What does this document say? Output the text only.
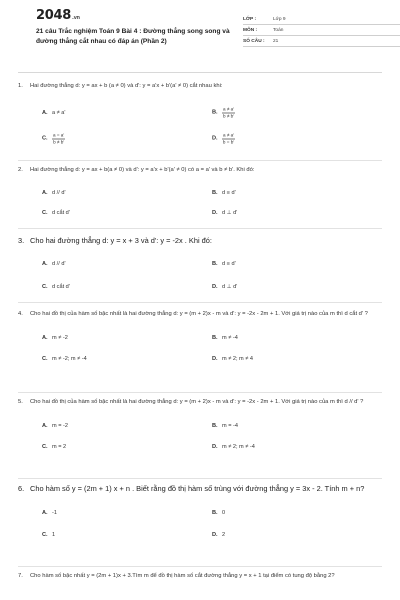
2048.vn
21 câu Trắc nghiệm Toán 9 Bài 4 : Đường thẳng song song và đường thẳng cắt nhau có đáp án (Phần 2)
LỚP :	Lớp 9
MÔN :	Toán
SỐ CÂU :	21
1.	Hai đường thẳng d: y = ax + b (a ≠ 0) và d': y = a'x + b'(a' ≠ 0) cắt nhau khi:
A. a ≠ a'	B. $\frac{a \ne a'}{b \ne b'}$
C. $\frac{a = a'}{b \ne b'}$	D. $\frac{a \ne a'}{b = b'}$
2.	Hai đường thẳng d: y = ax + b(a ≠ 0) và d': y = a'x + b'(a' ≠ 0) có a = a' và b ≠ b'. Khi đó:
A. d // d'	B. d ≡ d'
C. d cắt d'	D. d ⊥ d'
3. Cho hai đường thẳng d: y = x + 3 và d': y = -2x . Khi đó:
A. d // d'	B. d ≡ d'
C. d cắt d'	D. d ⊥ d'
4.	Cho hai đồ thị của hàm số bậc nhất là hai đường thẳng d: y = (m + 2)x - m và d': y = -2x - 2m + 1. Với giá trị nào của m thì d cắt d' ?
A. m ≠ -2	B. m ≠ -4
C. m ≠ -2; m ≠ -4	D. m ≠ 2; m ≠ 4
5.	Cho hai đồ thị của hàm số bậc nhất là hai đường thẳng d: y = (m + 2)x - m và d': y = -2x - 2m + 1. Với giá trị nào của m thì d // d' ?
A. m = -2	B. m = -4
C. m = 2	D. m ≠ 2; m ≠ -4
6. Cho hàm số y = (2m + 1) x + n . Biết rằng đồ thị hàm số trùng với đường thẳng y = 3x - 2. Tính m + n?
A. -1	B. 0
C. 1	D. 2
7.	Cho hàm số bậc nhất y = (2m + 1)x + 3.Tìm m để đồ thị hàm số cắt đường thẳng y = x + 1 tại điểm có tung độ bằng 2?
